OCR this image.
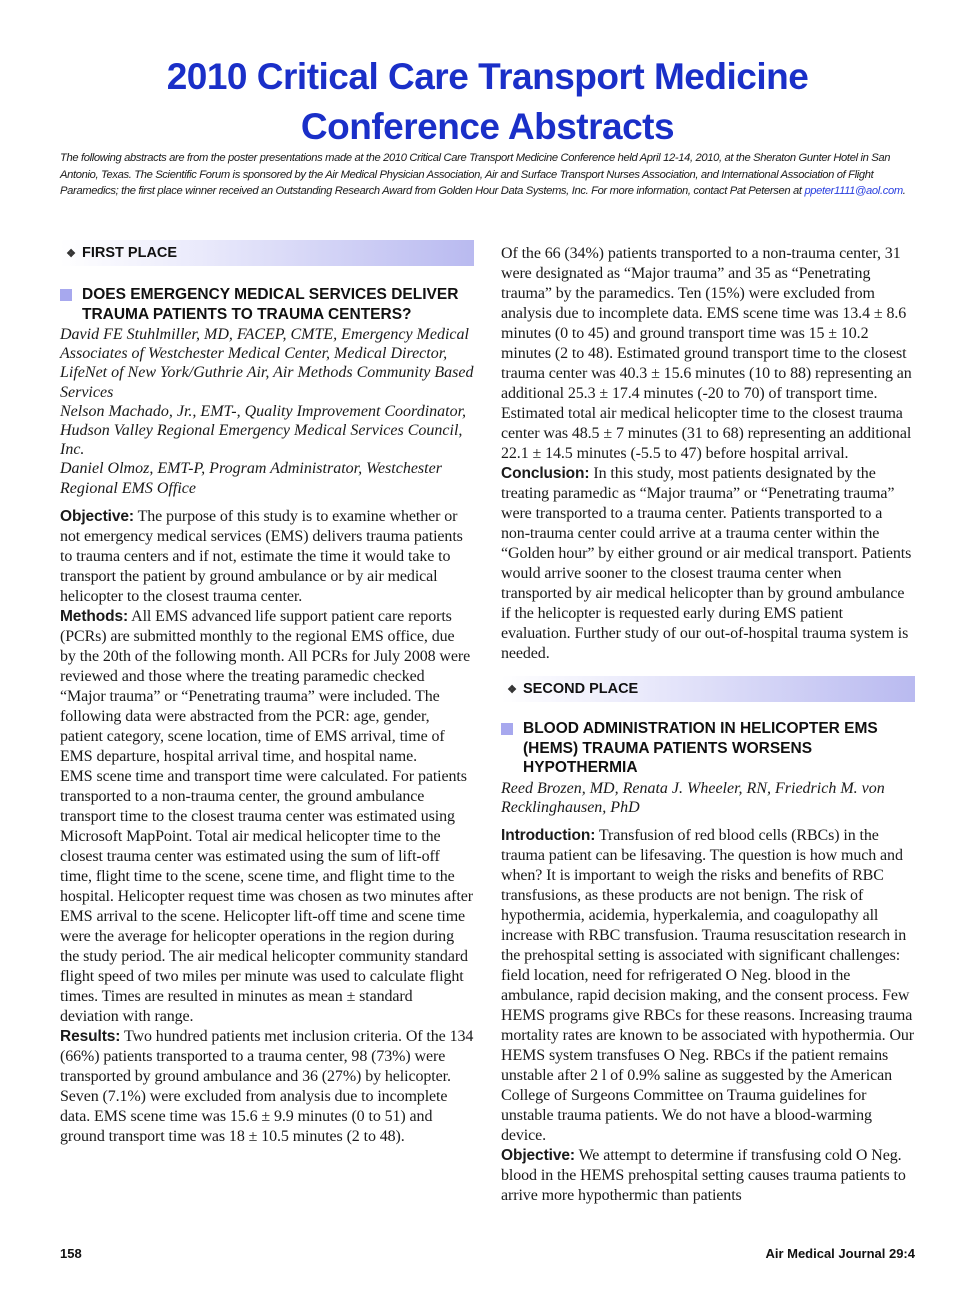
2010 Critical Care Transport Medicine
Conference Abstracts
The following abstracts are from the poster presentations made at the 2010 Critical Care Transport Medicine Conference held April 12-14, 2010, at the Sheraton Gunter Hotel in San Antonio, Texas. The Scientific Forum is sponsored by the Air Medical Physician Association, Air and Surface Transport Nurses Association, and International Association of Flight Paramedics; the first place winner received an Outstanding Research Award from Golden Hour Data Systems, Inc. For more information, contact Pat Petersen at ppeter1111@aol.com.
❖ FIRST PLACE
DOES EMERGENCY MEDICAL SERVICES DELIVER TRAUMA PATIENTS TO TRAUMA CENTERS?
David FE Stuhlmiller, MD, FACEP, CMTE, Emergency Medical Associates of Westchester Medical Center, Medical Director, LifeNet of New York/Guthrie Air, Air Methods Community Based Services
Nelson Machado, Jr., EMT-, Quality Improvement Coordinator, Hudson Valley Regional Emergency Medical Services Council, Inc.
Daniel Olmoz, EMT-P, Program Administrator, Westchester Regional EMS Office
Objective: The purpose of this study is to examine whether or not emergency medical services (EMS) delivers trauma patients to trauma centers and if not, estimate the time it would take to transport the patient by ground ambulance or by air medical helicopter to the closest trauma center.
Methods: All EMS advanced life support patient care reports (PCRs) are submitted monthly to the regional EMS office, due by the 20th of the following month. All PCRs for July 2008 were reviewed and those where the treating paramedic checked “Major trauma” or “Penetrating trauma” were included. The following data were abstracted from the PCR: age, gender, patient category, scene location, time of EMS arrival, time of EMS departure, hospital arrival time, and hospital name.
EMS scene time and transport time were calculated. For patients transported to a non-trauma center, the ground ambulance transport time to the closest trauma center was estimated using Microsoft MapPoint. Total air medical helicopter time to the closest trauma center was estimated using the sum of lift-off time, flight time to the scene, scene time, and flight time to the hospital. Helicopter request time was chosen as two minutes after EMS arrival to the scene. Helicopter lift-off time and scene time were the average for helicopter operations in the region during the study period. The air medical helicopter community standard flight speed of two miles per minute was used to calculate flight times. Times are resulted in minutes as mean ± standard deviation with range.
Results: Two hundred patients met inclusion criteria. Of the 134 (66%) patients transported to a trauma center, 98 (73%) were transported by ground ambulance and 36 (27%) by helicopter. Seven (7.1%) were excluded from analysis due to incomplete data. EMS scene time was 15.6 ± 9.9 minutes (0 to 51) and ground transport time was 18 ± 10.5 minutes (2 to 48).
Of the 66 (34%) patients transported to a non-trauma center, 31 were designated as “Major trauma” and 35 as “Penetrating trauma” by the paramedics. Ten (15%) were excluded from analysis due to incomplete data. EMS scene time was 13.4 ± 8.6 minutes (0 to 45) and ground transport time was 15 ± 10.2 minutes (2 to 48). Estimated ground transport time to the closest trauma center was 40.3 ± 15.6 minutes (10 to 88) representing an additional 25.3 ± 17.4 minutes (-20 to 70) of transport time. Estimated total air medical helicopter time to the closest trauma center was 48.5 ± 7 minutes (31 to 68) representing an additional 22.1 ± 14.5 minutes (-5.5 to 47) before hospital arrival.
Conclusion: In this study, most patients designated by the treating paramedic as “Major trauma” or “Penetrating trauma” were transported to a trauma center. Patients transported to a non-trauma center could arrive at a trauma center within the “Golden hour” by either ground or air medical transport. Patients would arrive sooner to the closest trauma center when transported by air medical helicopter than by ground ambulance if the helicopter is requested early during EMS patient evaluation. Further study of our out-of-hospital trauma system is needed.
❖ SECOND PLACE
BLOOD ADMINISTRATION IN HELICOPTER EMS (HEMS) TRAUMA PATIENTS WORSENS HYPOTHERMIA
Reed Brozen, MD, Renata J. Wheeler, RN, Friedrich M. von Recklinghausen, PhD
Introduction: Transfusion of red blood cells (RBCs) in the trauma patient can be lifesaving. The question is how much and when? It is important to weigh the risks and benefits of RBC transfusions, as these products are not benign. The risk of hypothermia, acidemia, hyperkalemia, and coagulopathy all increase with RBC transfusion. Trauma resuscitation research in the prehospital setting is associated with significant challenges: field location, need for refrigerated O Neg. blood in the ambulance, rapid decision making, and the consent process. Few HEMS programs give RBCs for these reasons. Increasing trauma mortality rates are known to be associated with hypothermia. Our HEMS system transfuses O Neg. RBCs if the patient remains unstable after 2 l of 0.9% saline as suggested by the American College of Surgeons Committee on Trauma guidelines for unstable trauma patients. We do not have a blood-warming device.
Objective: We attempt to determine if transfusing cold O Neg. blood in the HEMS prehospital setting causes trauma patients to arrive more hypothermic than patients
158	Air Medical Journal 29:4
